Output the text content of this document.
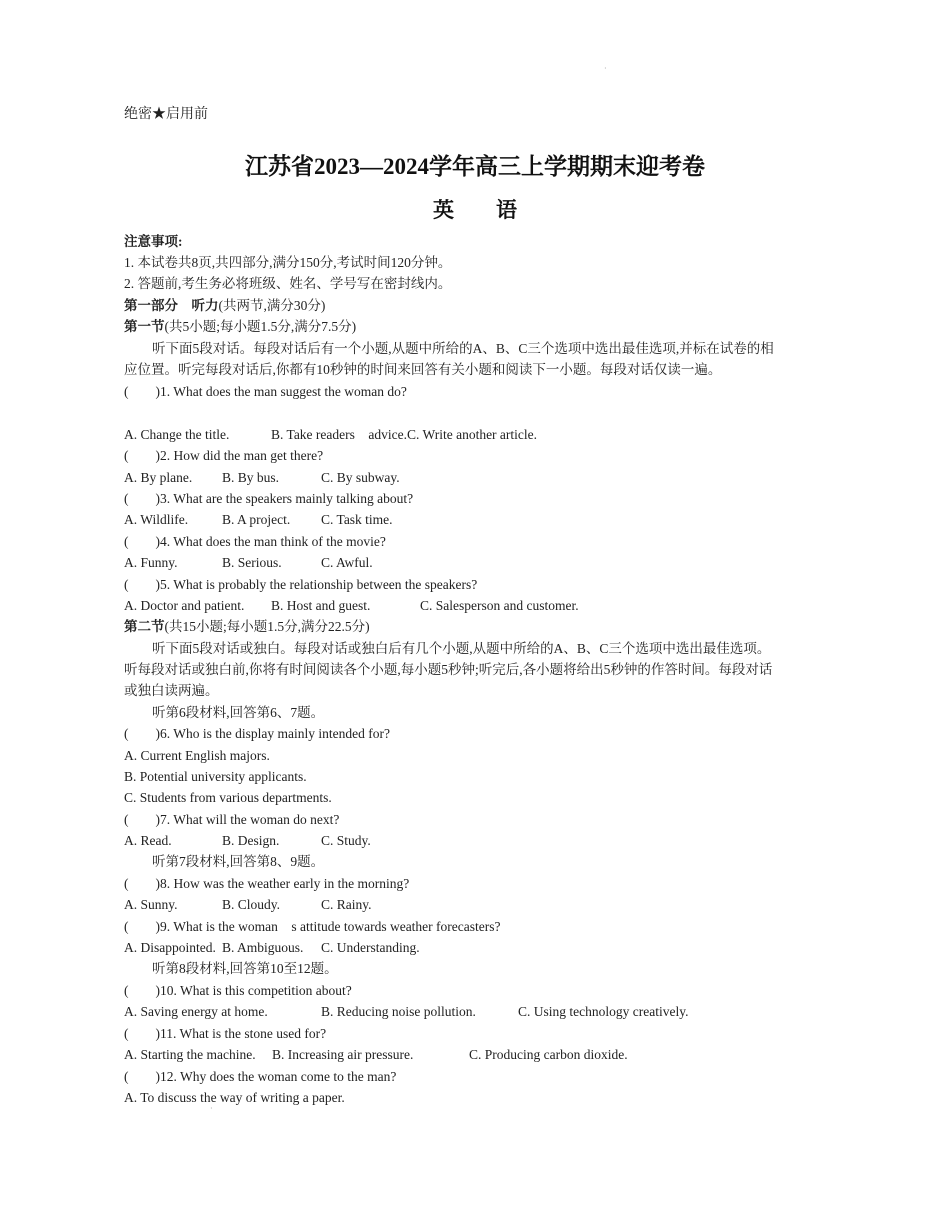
·
绝密★启用前
江苏省2023—2024学年高三上学期期末迎考卷
英　　语
注意事项:
1. 本试卷共8页,共四部分,满分150分,考试时间120分钟。
2. 答题前,考生务必将班级、姓名、学号写在密封线内。
第一部分　听力(共两节,满分30分)
第一节(共5小题;每小题1.5分,满分7.5分)
听下面5段对话。每段对话后有一个小题,从题中所给的A、B、C三个选项中选出最佳选项,并标在试卷的相
应位置。听完每段对话后,你都有10秒钟的时间来回答有关小题和阅读下一小题。每段对话仅读一遍。
(　　)1. What does the man suggest the woman do?
A. Change the title.	B. Take readers　advice.C. Write another article.
(　　)2. How did the man get there?
A. By plane. B. By bus.	C. By subway.
(　　)3. What are the speakers mainly talking about?
A. Wildlife.	B. A project. C. Task time.
(　　)4. What does the man think of the movie?
A. Funny.	B. Serious.	C. Awful.
(　　)5. What is probably the relationship between the speakers?
A. Doctor and patient. B. Host and guest.	C. Salesperson and customer.
第二节(共15小题;每小题1.5分,满分22.5分)
听下面5段对话或独白。每段对话或独白后有几个小题,从题中所给的A、B、C三个选项中选出最佳选项。
听每段对话或独白前,你将有时间阅读各个小题,每小题5秒钟;听完后,各小题将给出5秒钟的作答时间。每段对话
或独白读两遍。
听第6段材料,回答第6、7题。
(　　)6. Who is the display mainly intended for?
A. Current English majors.
B. Potential university applicants.
C. Students from various departments.
(　　)7. What will the woman do next?
A. Read.	B. Design.	C. Study.
听第7段材料,回答第8、9题。
(　　)8. How was the weather early in the morning?
A. Sunny.	B. Cloudy.	C. Rainy.
(　　)9. What is the woman　s attitude towards weather forecasters?
A. Disappointed. B. Ambiguous. C. Understanding.
听第8段材料,回答第10至12题。
(　　)10. What is this competition about?
A. Saving energy at home.	B. Reducing noise pollution.	C. Using technology creatively.
(　　)11. What is the stone used for?
A. Starting the machine. B. Increasing air pressure.	C. Producing carbon dioxide.
(　　)12. Why does the woman come to the man?
A. To discuss the way of writing a paper.
·
